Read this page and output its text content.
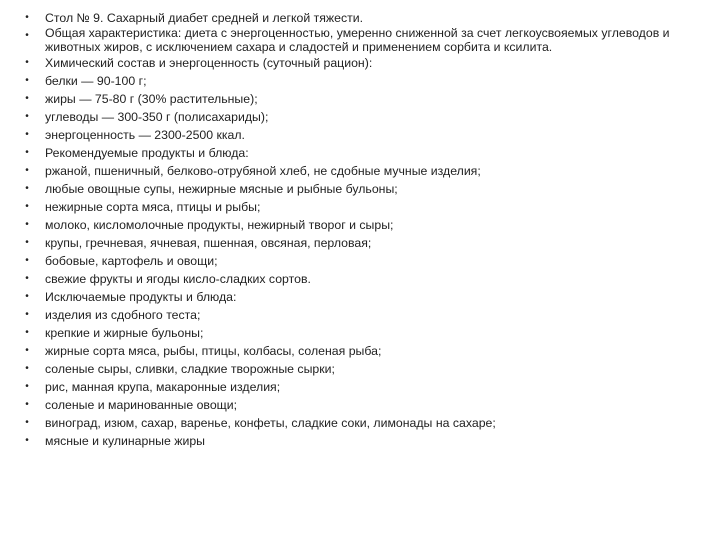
• Стол № 9. Сахарный диабет средней и легкой тяжести.
• Общая характеристика: диета с энергоценностью, умеренно сниженной за счет легкоусвояемых углеводов и животных жиров, с исключением сахара и сладостей и применением сорбита и ксилита.
• Химический состав и энергоценность (суточный рацион):
• белки — 90-100 г;
• жиры — 75-80 г (30% растительные);
• углеводы — 300-350 г (полисахариды);
• энергоценность — 2300-2500 ккал.
• Рекомендуемые продукты и блюда:
• ржаной, пшеничный, белково-отрубяной хлеб, не сдобные мучные изделия;
• любые овощные супы, нежирные мясные и рыбные бульоны;
• нежирные сорта мяса, птицы и рыбы;
• молоко, кисломолочные продукты, нежирный творог и сыры;
• крупы, гречневая, ячневая, пшенная, овсяная, перловая;
• бобовые, картофель и овощи;
• свежие фрукты и ягоды кисло-сладких сортов.
• Исключаемые продукты и блюда:
• изделия из сдобного теста;
• крепкие и жирные бульоны;
• жирные сорта мяса, рыбы, птицы, колбасы, соленая рыба;
• соленые сыры, сливки, сладкие творожные сырки;
• рис, манная крупа, макаронные изделия;
• соленые и маринованные овощи;
• виноград, изюм, сахар, варенье, конфеты, сладкие соки, лимонады на сахаре;
• мясные и кулинарные жиры
